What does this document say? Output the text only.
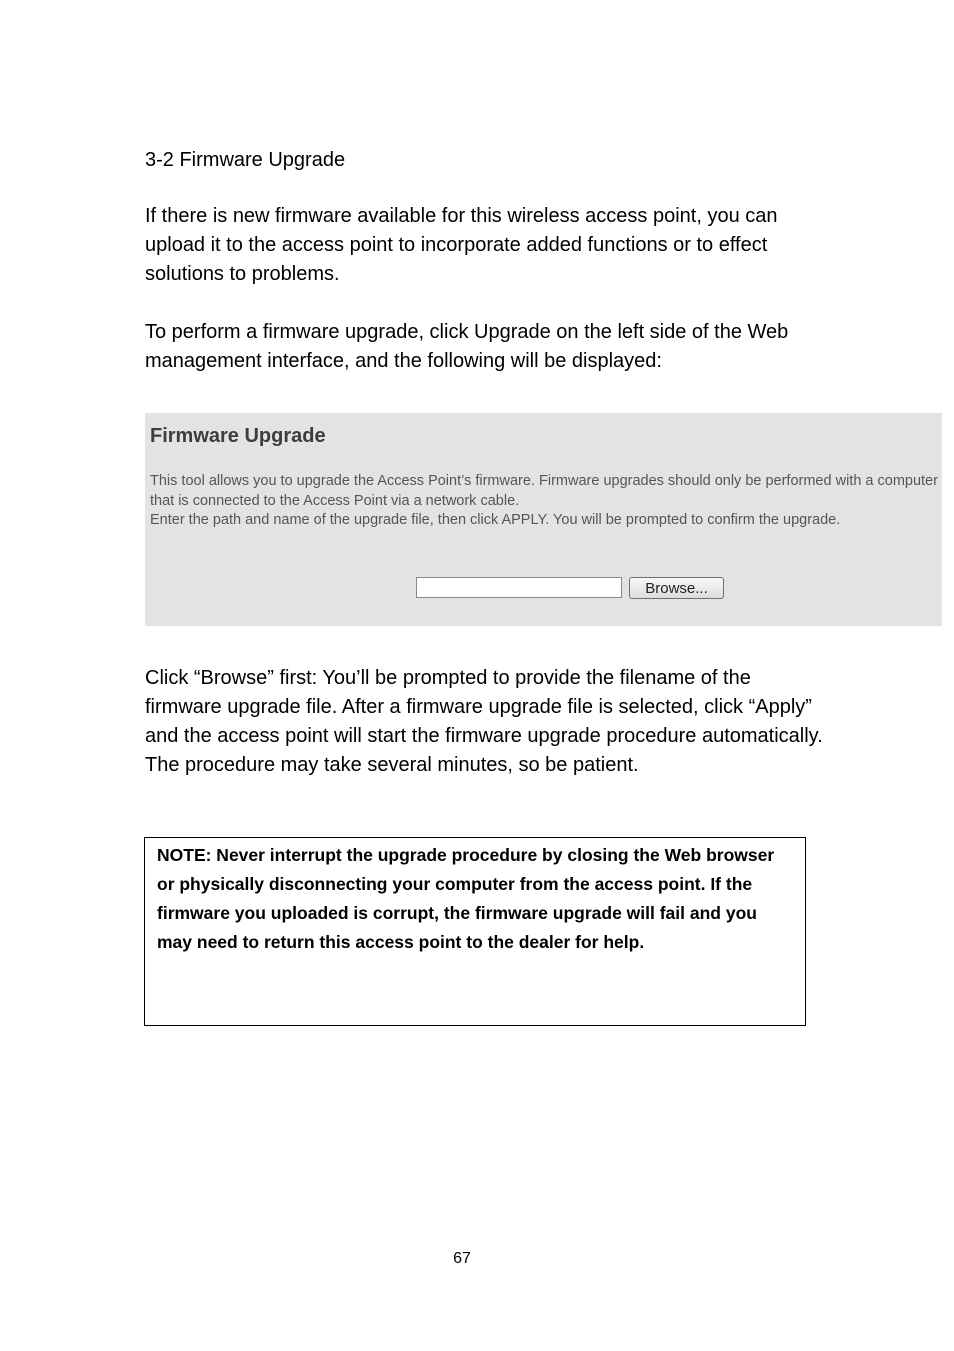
3-2 Firmware Upgrade

If there is new firmware available for this wireless access point, you can upload it to the access point to incorporate added functions or to effect solutions to problems.

To perform a firmware upgrade, click Upgrade on the left side of the Web management interface, and the following will be displayed:

Firmware Upgrade

This tool allows you to upgrade the Access Point’s firmware. Firmware upgrades should only be performed with a computer that is connected to the Access Point via a network cable.
Enter the path and name of the upgrade file, then click APPLY. You will be prompted to confirm the upgrade.

Browse...

Click “Browse” first: You’ll be prompted to provide the filename of the firmware upgrade file. After a firmware upgrade file is selected, click “Apply” and the access point will start the firmware upgrade procedure automatically. The procedure may take several minutes, so be patient.

NOTE: Never interrupt the upgrade procedure by closing the Web browser or physically disconnecting your computer from the access point. If the firmware you uploaded is corrupt, the firmware upgrade will fail and you may need to return this access point to the dealer for help.

67
